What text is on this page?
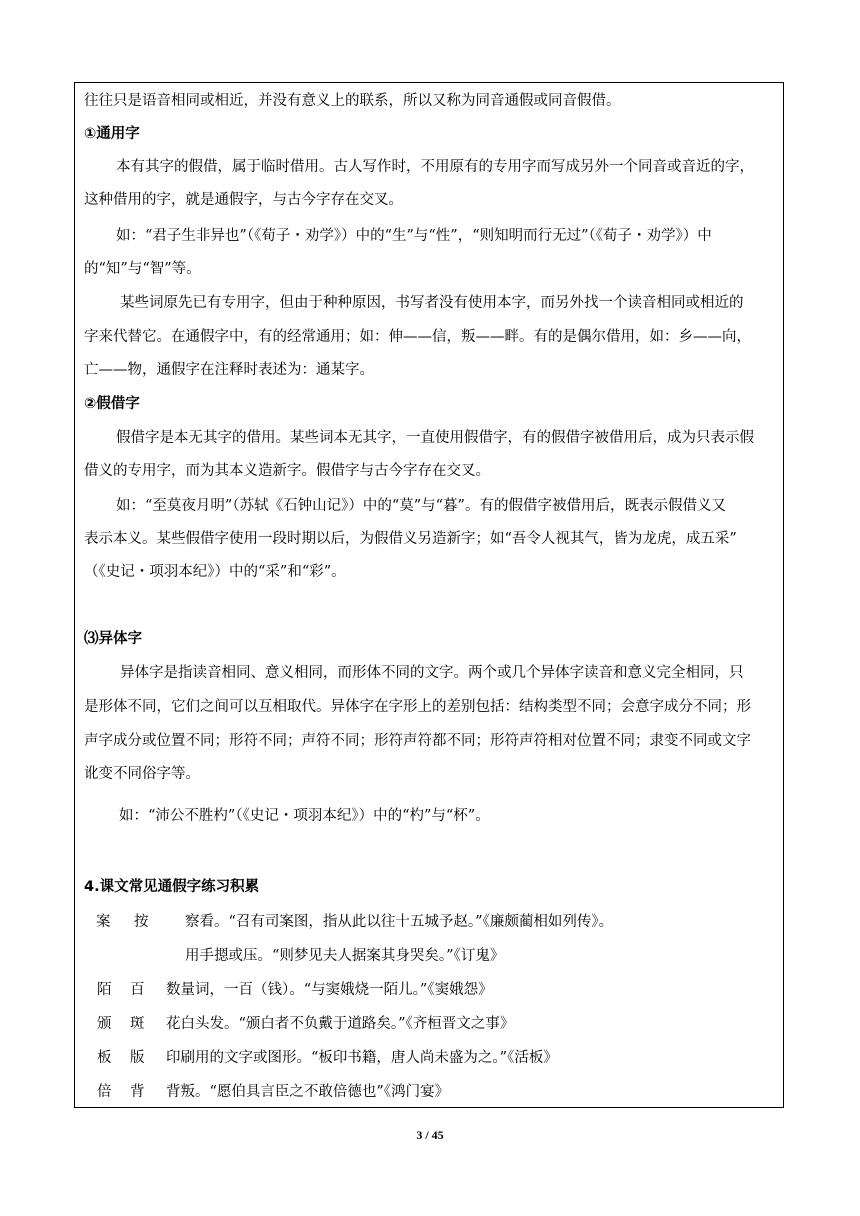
往往只是语音相同或相近，并没有意义上的联系，所以又称为同音通假或同音假借。
①通用字
本有其字的假借，属于临时借用。古人写作时，不用原有的专用字而写成另外一个同音或音近的字，
这种借用的字，就是通假字，与古今字存在交叉。
如：“君子生非异也”（《荀子・劝学》）中的“生”与“性”，“则知明而行无过”（《荀子・劝学》）中
的“知”与“智”等。
某些词原先已有专用字，但由于种种原因，书写者没有使用本字，而另外找一个读音相同或相近的
字来代替它。在通假字中，有的经常通用；如：伸——信，叛——畔。有的是偶尔借用，如：乡——向，
亡——物，通假字在注释时表述为：通某字。
②假借字
假借字是本无其字的借用。某些词本无其字，一直使用假借字，有的假借字被借用后，成为只表示假
借义的专用字，而为其本义造新字。假借字与古今字存在交叉。
如：“至莫夜月明”（苏轼《石钟山记》）中的“莫”与“暮”。有的假借字被借用后，既表示假借义又
表示本义。某些假借字使用一段时期以后，为假借义另造新字；如“吾令人视其气，皆为龙虎，成五采”
（《史记・项羽本纪》）中的“采”和“彩”。
⑶异体字
异体字是指读音相同、意义相同，而形体不同的文字。两个或几个异体字读音和意义完全相同，只
是形体不同，它们之间可以互相取代。异体字在字形上的差别包括：结构类型不同；会意字成分不同；形
声字成分或位置不同；形符不同；声符不同；形符声符都不同；形符声符相对位置不同；隶变不同或文字
讹变不同俗字等。
如：“沛公不胜杓”（《史记・项羽本纪》）中的“杓”与“杯”。
4.课文常见通假字练习积累
案 按	察看。“召有司案图，指从此以往十五城予赵。”《廉颇蔺相如列传》。
用手摁或压。“则梦见夫人据案其身哭矣。”《订鬼》
陌 百 数量词，一百（钱）。“与窦娥烧一陌儿。”《窦娥怨》
颁 斑 花白头发。“颁白者不负戴于道路矣。”《齐桓晋文之事》
板 版 印刷用的文字或图形。“板印书籍，唐人尚未盛为之。”《活板》
倍 背 背叛。“愿伯具言臣之不敢倍德也”《鸿门宴》
3 / 45
